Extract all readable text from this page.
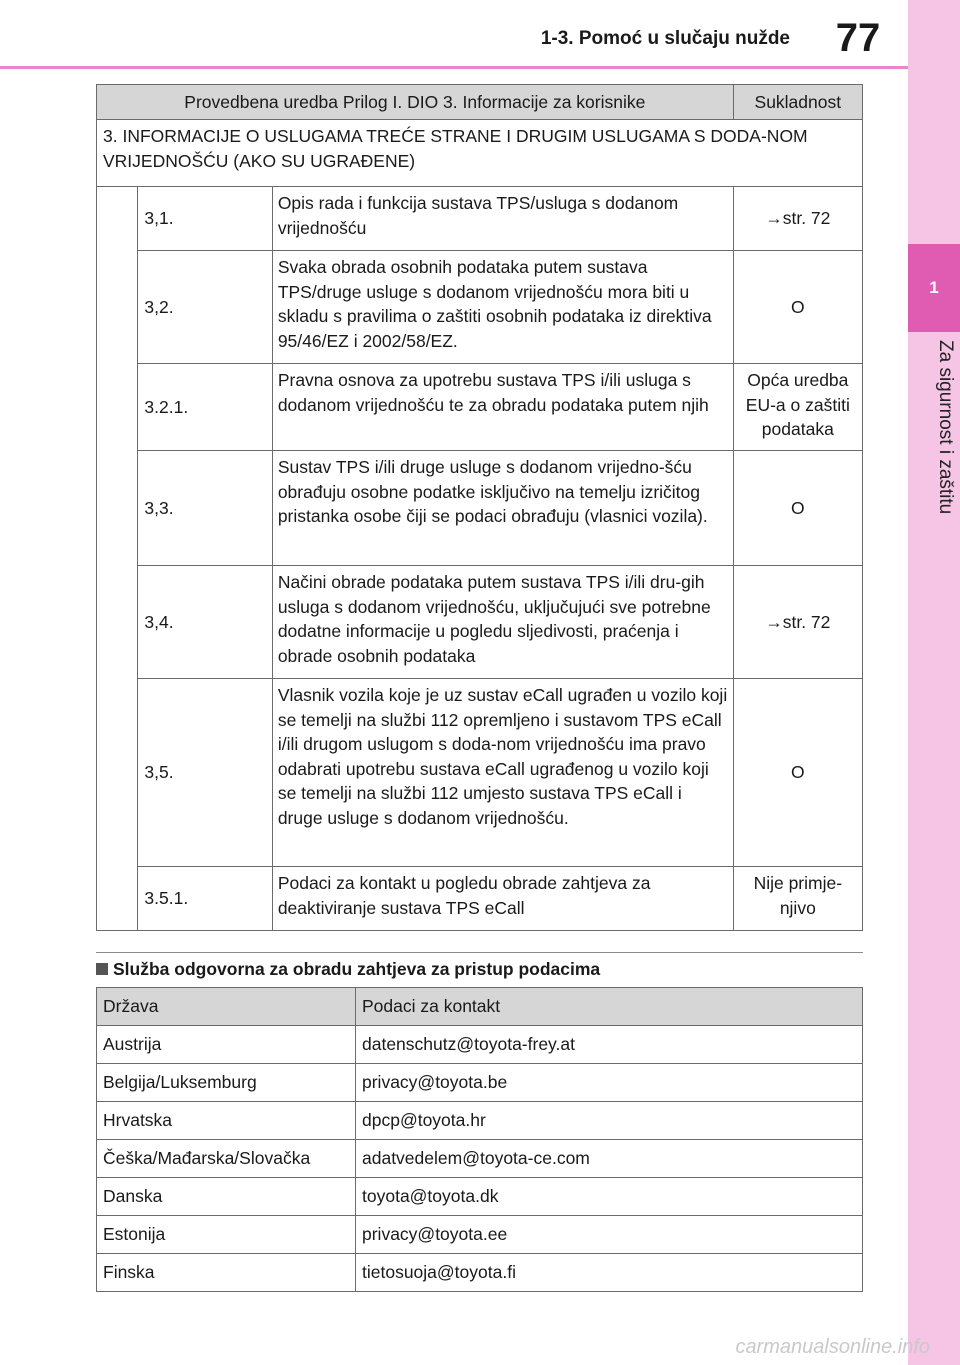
1-3. Pomoć u slučaju nužde	77
1
Za sigurnost i zaštitu
Provedbena uredba Prilog I. DIO 3. Informacije za korisnike			Sukladnost
3. INFORMACIJE O USLUGAMA TREĆE STRANE I DRUGIM USLUGAMA S DODA-NOM VRIJEDNOŠĆU (AKO SU UGRAĐENE)			
	3,1.	Opis rada i funkcija sustava TPS/usluga s dodanom vrijednošću	→str. 72
	3,2.	Svaka obrada osobnih podataka putem sustava TPS/druge usluge s dodanom vrijednošću mora biti u skladu s pravilima o zaštiti osobnih podataka iz direktiva 95/46/EZ i 2002/58/EZ.	O
	3.2.1.	Pravna osnova za upotrebu sustava TPS i/ili usluga s dodanom vrijednošću te za obradu podataka putem njih	Opća uredba EU-a o zaštiti podataka
	3,3.	Sustav TPS i/ili druge usluge s dodanom vrijedno-šću obrađuju osobne podatke isključivo na temelju izričitog pristanka osobe čiji se podaci obrađuju (vlasnici vozila).	O
	3,4.	Načini obrade podataka putem sustava TPS i/ili dru-gih usluga s dodanom vrijednošću, uključujući sve potrebne dodatne informacije u pogledu sljedivosti, praćenja i obrade osobnih podataka	→str. 72
	3,5.	Vlasnik vozila koje je uz sustav eCall ugrađen u vozilo koji se temelji na službi 112 opremljeno i sustavom TPS eCall i/ili drugom uslugom s doda-nom vrijednošću ima pravo odabrati upotrebu sustava eCall ugrađenog u vozilo koji se temelji na službi 112 umjesto sustava TPS eCall i druge usluge s dodanom vrijednošću.	O
	3.5.1.	Podaci za kontakt u pogledu obrade zahtjeva za deaktiviranje sustava TPS eCall	Nije primje-njivo
Služba odgovorna za obradu zahtjeva za pristup podacima
Država	Podaci za kontakt
Austrija	datenschutz@toyota-frey.at
Belgija/Luksemburg	privacy@toyota.be
Hrvatska	dpcp@toyota.hr
Češka/Mađarska/Slovačka	adatvedelem@toyota-ce.com
Danska	toyota@toyota.dk
Estonija	privacy@toyota.ee
Finska	tietosuoja@toyota.fi
carmanualsonline.info
